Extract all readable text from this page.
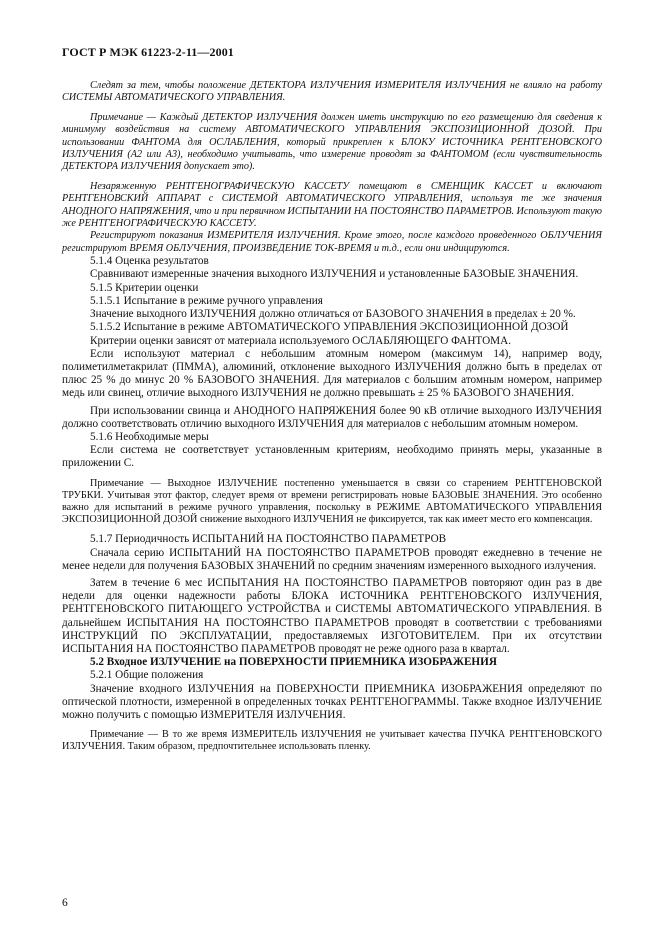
ГОСТ Р МЭК 61223-2-11—2001

Следят за тем, чтобы положение ДЕТЕКТОРА ИЗЛУЧЕНИЯ ИЗМЕРИТЕЛЯ ИЗЛУЧЕНИЯ не влияло на работу СИСТЕМЫ АВТОМАТИЧЕСКОГО УПРАВЛЕНИЯ.

Примечание — Каждый ДЕТЕКТОР ИЗЛУЧЕНИЯ должен иметь инструкцию по его размещению для сведения к минимуму воздействия на систему АВТОМАТИЧЕСКОГО УПРАВЛЕНИЯ ЭКСПОЗИЦИОННОЙ ДОЗОЙ. При использовании ФАНТОМА для ОСЛАБЛЕНИЯ, который прикреплен к БЛОКУ ИСТОЧНИКА РЕНТГЕНОВСКОГО ИЗЛУЧЕНИЯ (А2 или А3), необходимо учитывать, что измерение проводят за ФАНТОМОМ (если чувствительность ДЕТЕКТОРА ИЗЛУЧЕНИЯ допускает это).

Незаряженную РЕНТГЕНОГРАФИЧЕСКУЮ КАССЕТУ помещают в СМЕНЩИК КАССЕТ и включают РЕНТГЕНОВСКИЙ АППАРАТ с СИСТЕМОЙ АВТОМАТИЧЕСКОГО УПРАВЛЕНИЯ, используя те же значения АНОДНОГО НАПРЯЖЕНИЯ, что и при первичном ИСПЫТАНИИ НА ПОСТОЯНСТВО ПАРАМЕТРОВ. Используют такую же РЕНТГЕНОГРАФИЧЕСКУЮ КАССЕТУ.

Регистрируют показания ИЗМЕРИТЕЛЯ ИЗЛУЧЕНИЯ. Кроме этого, после каждого проведенного ОБЛУЧЕНИЯ регистрируют ВРЕМЯ ОБЛУЧЕНИЯ, ПРОИЗВЕДЕНИЕ ТОК-ВРЕМЯ и т.д., если они индицируются.

5.1.4 Оценка результатов

Сравнивают измеренные значения выходного ИЗЛУЧЕНИЯ и установленные БАЗОВЫЕ ЗНАЧЕНИЯ.

5.1.5 Критерии оценки

5.1.5.1 Испытание в режиме ручного управления

Значение выходного ИЗЛУЧЕНИЯ должно отличаться от БАЗОВОГО ЗНАЧЕНИЯ в пределах ± 20 %.

5.1.5.2 Испытание в режиме АВТОМАТИЧЕСКОГО УПРАВЛЕНИЯ ЭКСПОЗИЦИОННОЙ ДОЗОЙ

Критерии оценки зависят от материала используемого ОСЛАБЛЯЮЩЕГО ФАНТОМА.

Если используют материал с небольшим атомным номером (максимум 14), например воду, полиметилметакрилат (ПММА), алюминий, отклонение выходного ИЗЛУЧЕНИЯ должно быть в пределах от плюс 25 % до минус 20 % БАЗОВОГО ЗНАЧЕНИЯ. Для материалов с большим атомным номером, например медь или свинец, отличие выходного ИЗЛУЧЕНИЯ не должно превышать ± 25 % БАЗОВОГО ЗНАЧЕНИЯ.

При использовании свинца и АНОДНОГО НАПРЯЖЕНИЯ более 90 кВ отличие выходного ИЗЛУЧЕНИЯ должно соответствовать отличию выходного ИЗЛУЧЕНИЯ для материалов с небольшим атомным номером.

5.1.6 Необходимые меры

Если система не соответствует установленным критериям, необходимо принять меры, указанные в приложении С.

Примечание — Выходное ИЗЛУЧЕНИЕ постепенно уменьшается в связи со старением РЕНТГЕНОВСКОЙ ТРУБКИ. Учитывая этот фактор, следует время от времени регистрировать новые БАЗОВЫЕ ЗНАЧЕНИЯ. Это особенно важно для испытаний в режиме ручного управления, поскольку в РЕЖИМЕ АВТОМАТИЧЕСКОГО УПРАВЛЕНИЯ ЭКСПОЗИЦИОННОЙ ДОЗОЙ снижение выходного ИЗЛУЧЕНИЯ не фиксируется, так как имеет место его компенсация.

5.1.7 Периодичность ИСПЫТАНИЙ НА ПОСТОЯНСТВО ПАРАМЕТРОВ

Сначала серию ИСПЫТАНИЙ НА ПОСТОЯНСТВО ПАРАМЕТРОВ проводят ежедневно в течение не менее недели для получения БАЗОВЫХ ЗНАЧЕНИЙ по средним значениям измеренного выходного излучения.

Затем в течение 6 мес ИСПЫТАНИЯ НА ПОСТОЯНСТВО ПАРАМЕТРОВ повторяют один раз в две недели для оценки надежности работы БЛОКА ИСТОЧНИКА РЕНТГЕНОВСКОГО ИЗЛУЧЕНИЯ, РЕНТГЕНОВСКОГО ПИТАЮЩЕГО УСТРОЙСТВА и СИСТЕМЫ АВТОМАТИЧЕСКОГО УПРАВЛЕНИЯ. В дальнейшем ИСПЫТАНИЯ НА ПОСТОЯНСТВО ПАРАМЕТРОВ проводят в соответствии с требованиями ИНСТРУКЦИЙ ПО ЭКСПЛУАТАЦИИ, предоставляемых ИЗГОТОВИТЕЛЕМ. При их отсутствии ИСПЫТАНИЯ НА ПОСТОЯНСТВО ПАРАМЕТРОВ проводят не реже одного раза в квартал.

5.2 Входное ИЗЛУЧЕНИЕ на ПОВЕРХНОСТИ ПРИЕМНИКА ИЗОБРАЖЕНИЯ

5.2.1 Общие положения

Значение входного ИЗЛУЧЕНИЯ на ПОВЕРХНОСТИ ПРИЕМНИКА ИЗОБРАЖЕНИЯ определяют по оптической плотности, измеренной в определенных точках РЕНТГЕНОГРАММЫ. Также входное ИЗЛУЧЕНИЕ можно получить с помощью ИЗМЕРИТЕЛЯ ИЗЛУЧЕНИЯ.

Примечание — В то же время ИЗМЕРИТЕЛЬ ИЗЛУЧЕНИЯ не учитывает качества ПУЧКА РЕНТГЕНОВСКОГО ИЗЛУЧЕНИЯ. Таким образом, предпочтительнее использовать пленку.

6
